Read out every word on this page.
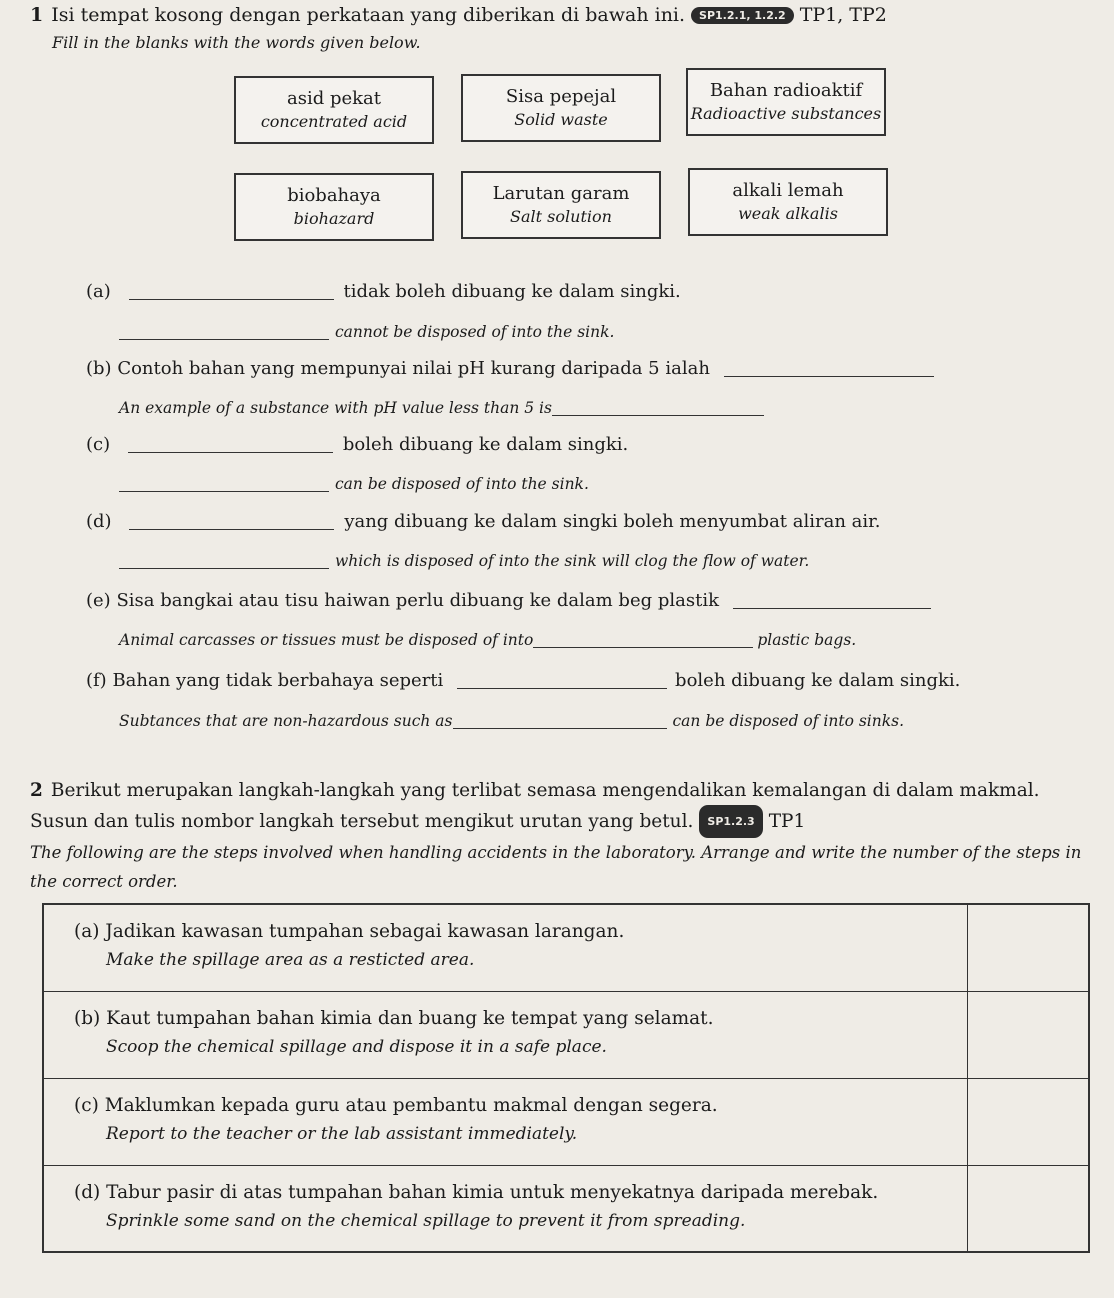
1 Isi tempat kosong dengan perkataan yang diberikan di bawah ini. SP1.2.1, 1.2.2 TP1, TP2
Fill in the blanks with the words given below.
asid pekat
concentrated acid
Sisa pepejal
Solid waste
Bahan radioaktif
Radioactive substances
biobahaya
biohazard
Larutan garam
Salt solution
alkali lemah
weak alkalis
(a)	tidak boleh dibuang ke dalam singki.
cannot be disposed of into the sink.
(b) Contoh bahan yang mempunyai nilai pH kurang daripada 5 ialah
An example of a substance with pH value less than 5 is
(c)	boleh dibuang ke dalam singki.
can be disposed of into the sink.
(d)	yang dibuang ke dalam singki boleh menyumbat aliran air.
which is disposed of into the sink will clog the flow of water.
(e) Sisa bangkai atau tisu haiwan perlu dibuang ke dalam beg plastik
Animal carcasses or tissues must be disposed of into	plastic bags.
(f) Bahan yang tidak berbahaya seperti	boleh dibuang ke dalam singki.
Subtances that are non-hazardous such as	can be disposed of into sinks.
2 Berikut merupakan langkah-langkah yang terlibat semasa mengendalikan kemalangan di dalam makmal. Susun dan tulis nombor langkah tersebut mengikut urutan yang betul. SP1.2.3 TP1
The following are the steps involved when handling accidents in the laboratory. Arrange and write the number of the steps in the correct order.
(a) Jadikan kawasan tumpahan sebagai kawasan larangan.
Make the spillage area as a resticted area.	

(b) Kaut tumpahan bahan kimia dan buang ke tempat yang selamat.
Scoop the chemical spillage and dispose it in a safe place.	

(c) Maklumkan kepada guru atau pembantu makmal dengan segera.
Report to the teacher or the lab assistant immediately.	

(d) Tabur pasir di atas tumpahan bahan kimia untuk menyekatnya daripada merebak.
Sprinkle some sand on the chemical spillage to prevent it from spreading.	
